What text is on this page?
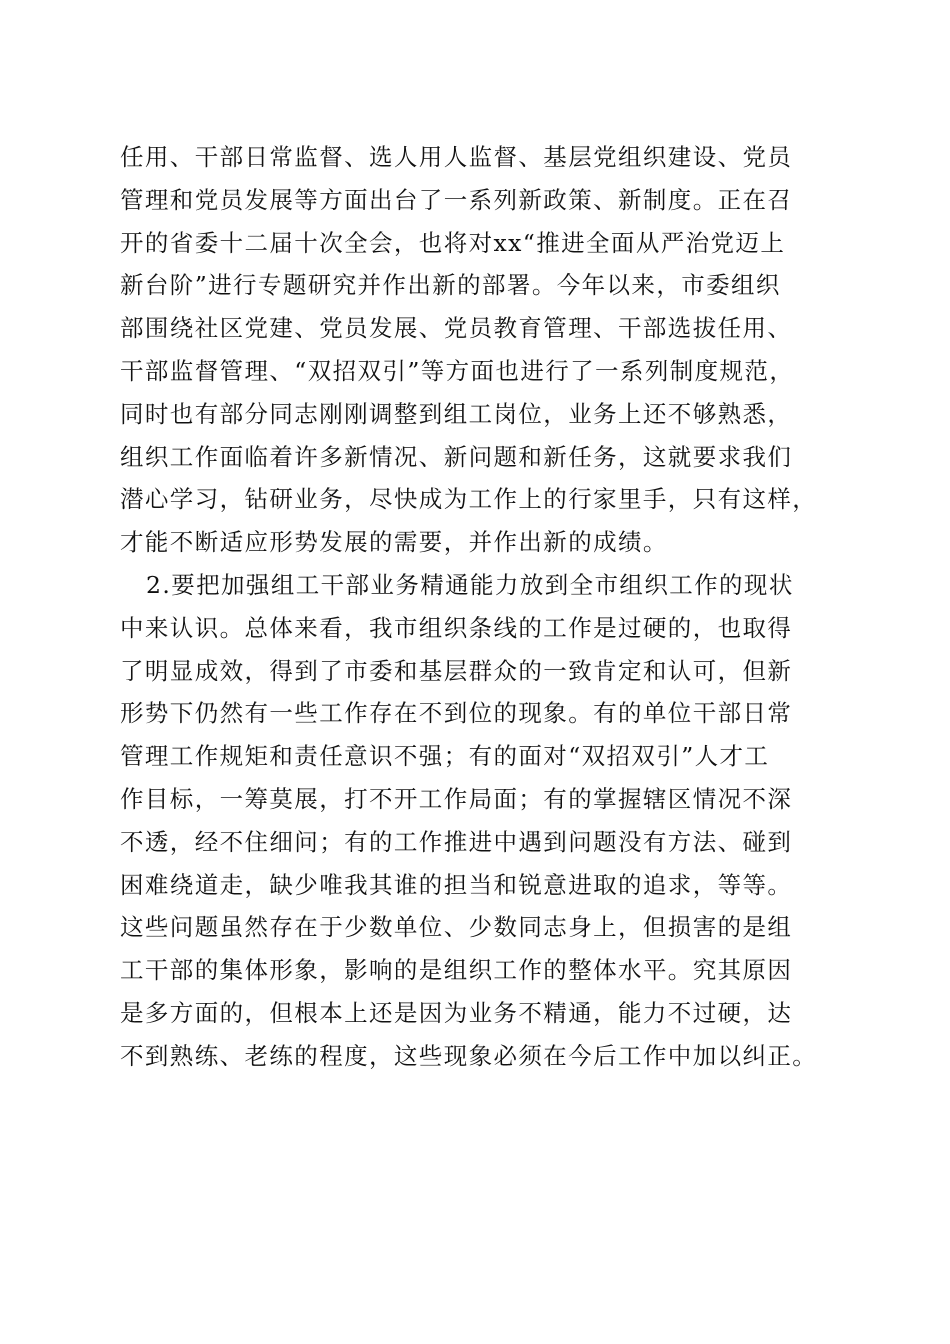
任用、干部日常监督、选人用人监督、基层党组织建设、党员
管理和党员发展等方面出台了一系列新政策、新制度。正在召
开的省委十二届十次全会，也将对xx“推进全面从严治党迈上
新台阶”进行专题研究并作出新的部署。今年以来，市委组织
部围绕社区党建、党员发展、党员教育管理、干部选拔任用、
干部监督管理、“双招双引”等方面也进行了一系列制度规范，
同时也有部分同志刚刚调整到组工岗位，业务上还不够熟悉，
组织工作面临着许多新情况、新问题和新任务，这就要求我们
潜心学习，钻研业务，尽快成为工作上的行家里手，只有这样，
才能不断适应形势发展的需要，并作出新的成绩。
2.要把加强组工干部业务精通能力放到全市组织工作的现状
中来认识。总体来看，我市组织条线的工作是过硬的，也取得
了明显成效，得到了市委和基层群众的一致肯定和认可，但新
形势下仍然有一些工作存在不到位的现象。有的单位干部日常
管理工作规矩和责任意识不强；有的面对“双招双引”人才工
作目标，一筹莫展，打不开工作局面；有的掌握辖区情况不深
不透，经不住细问；有的工作推进中遇到问题没有方法、碰到
困难绕道走，缺少唯我其谁的担当和锐意进取的追求，等等。
这些问题虽然存在于少数单位、少数同志身上，但损害的是组
工干部的集体形象，影响的是组织工作的整体水平。究其原因
是多方面的，但根本上还是因为业务不精通，能力不过硬，达
不到熟练、老练的程度，这些现象必须在今后工作中加以纠正。
